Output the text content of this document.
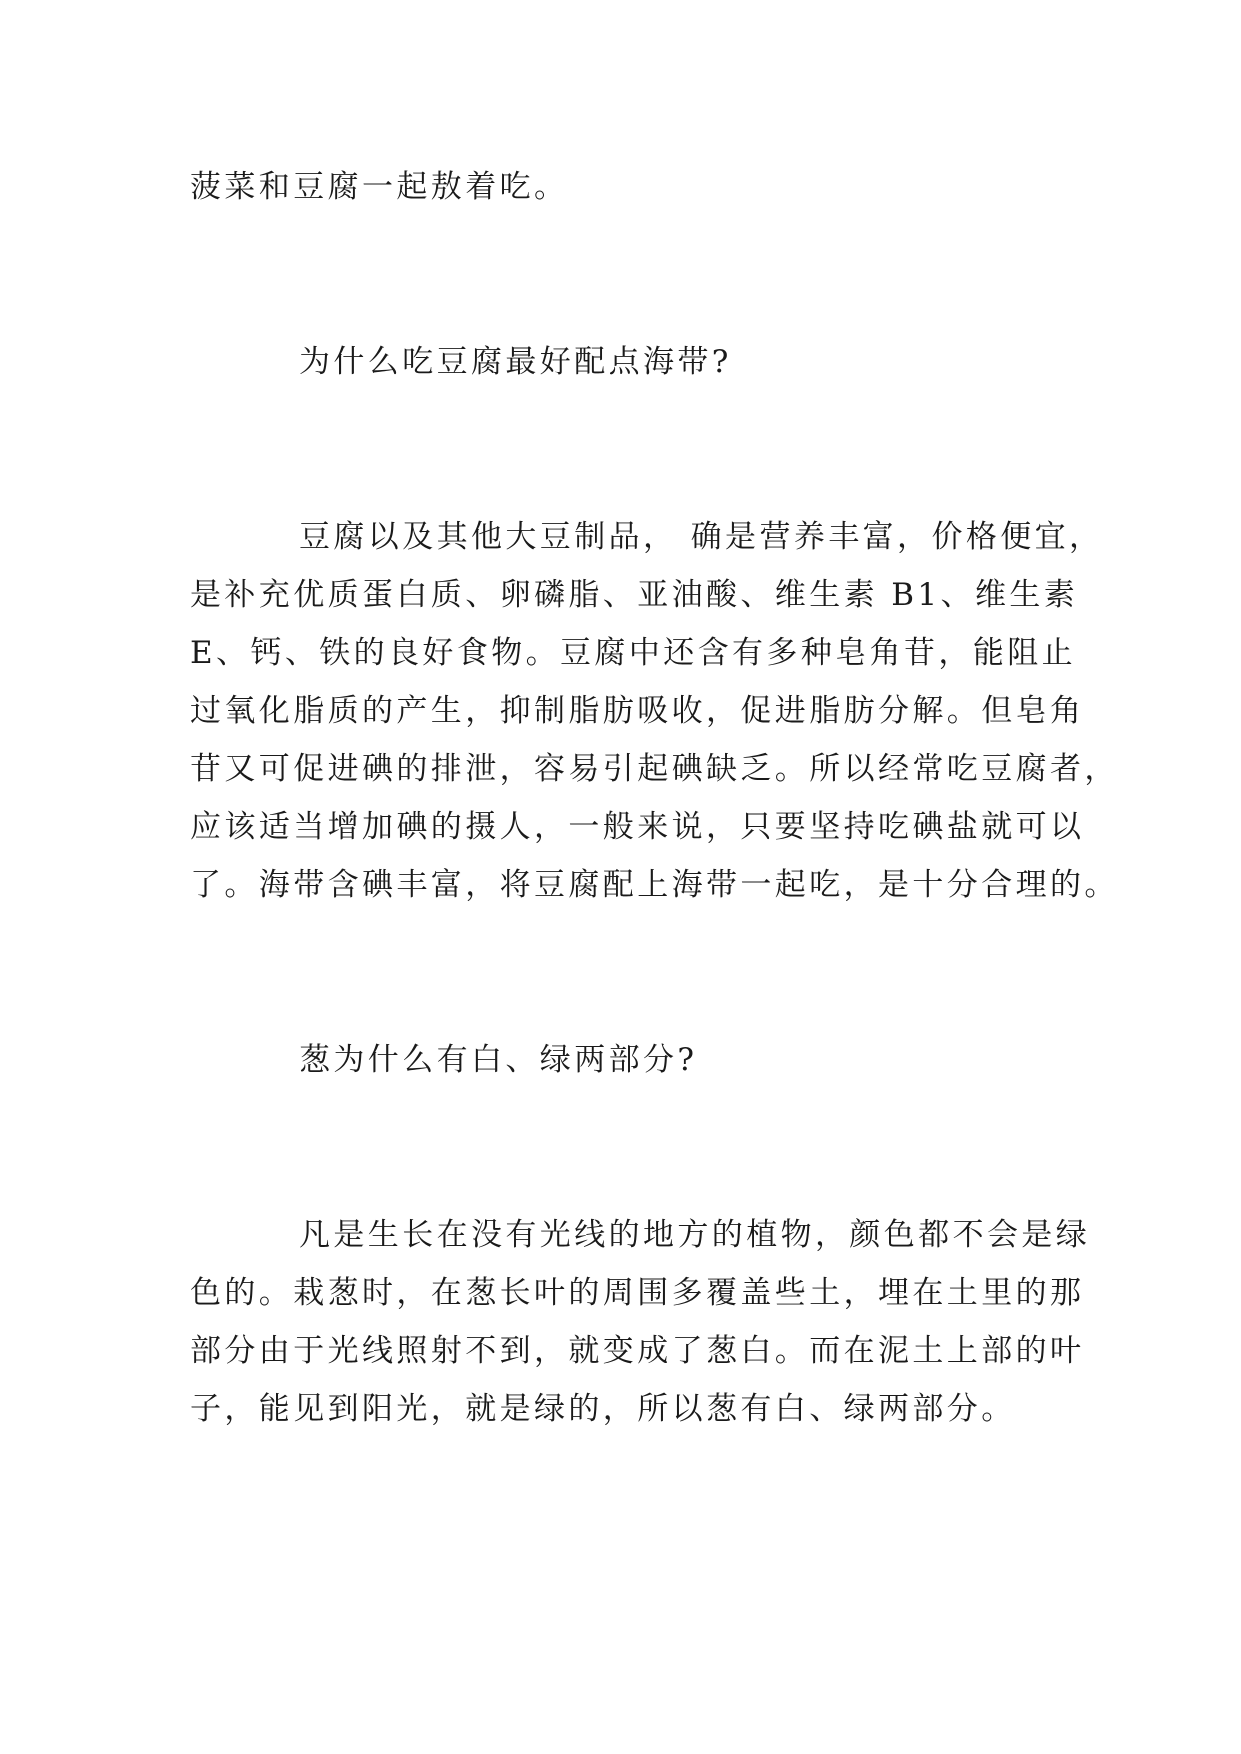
菠菜和豆腐一起敖着吃。
为什么吃豆腐最好配点海带?
豆腐以及其他大豆制品， 确是营养丰富，价格便宜，
是补充优质蛋白质、卵磷脂、亚油酸、维生素 B1、维生素
E、钙、铁的良好食物。豆腐中还含有多种皂角苷，能阻止
过氧化脂质的产生，抑制脂肪吸收，促进脂肪分解。但皂角
苷又可促进碘的排泄，容易引起碘缺乏。所以经常吃豆腐者，
应该适当增加碘的摄人，一般来说，只要坚持吃碘盐就可以
了。海带含碘丰富，将豆腐配上海带一起吃，是十分合理的。
葱为什么有白、绿两部分?
凡是生长在没有光线的地方的植物，颜色都不会是绿
色的。栽葱时，在葱长叶的周围多覆盖些土，埋在土里的那
部分由于光线照射不到，就变成了葱白。而在泥土上部的叶
子，能见到阳光，就是绿的，所以葱有白、绿两部分。
